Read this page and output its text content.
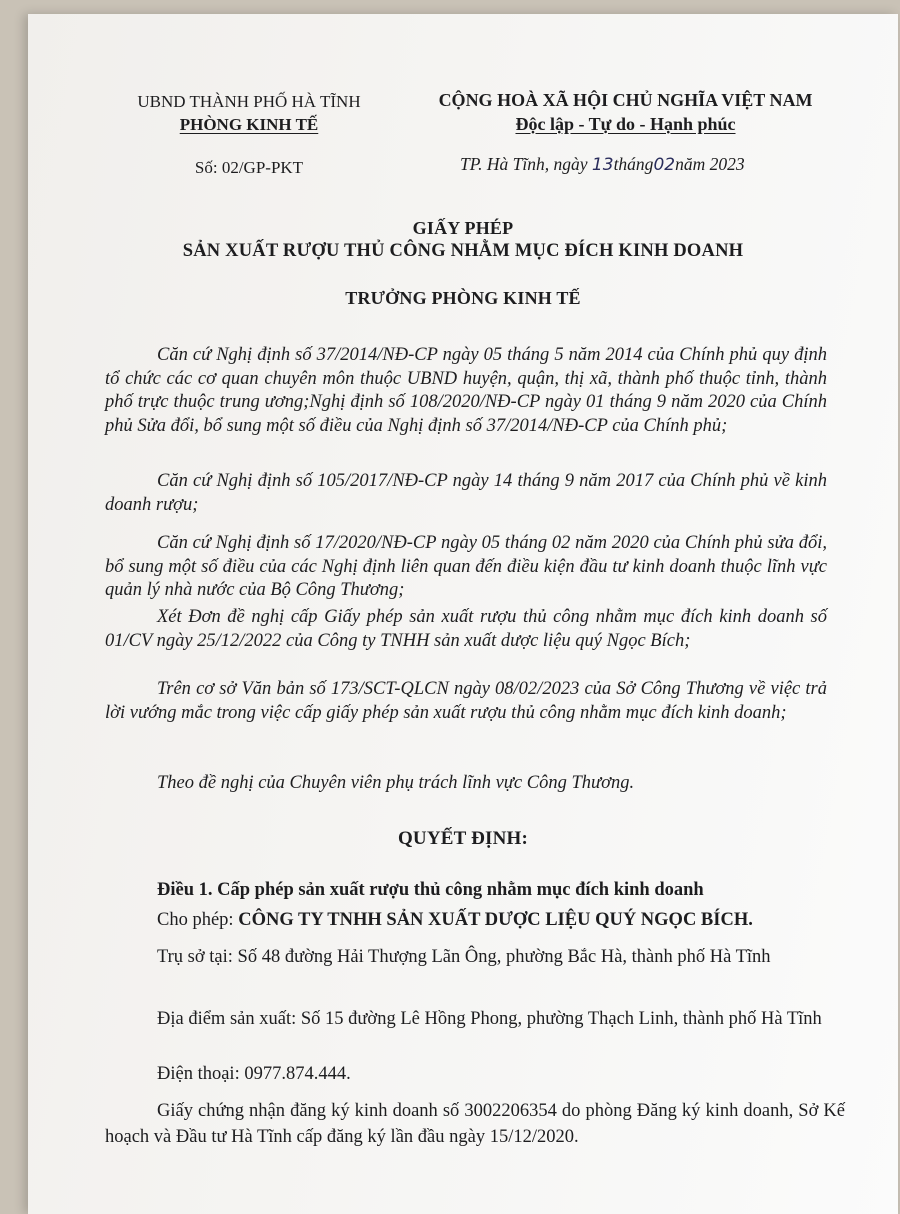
UBND THÀNH PHỐ HÀ TĨNH
PHÒNG KINH TẾ
Số: 02/GP-PKT
CỘNG HOÀ XÃ HỘI CHỦ NGHĨA VIỆT NAM
Độc lập - Tự do - Hạnh phúc
TP. Hà Tĩnh, ngày 13tháng02năm 2023
GIẤY PHÉP
SẢN XUẤT RƯỢU THỦ CÔNG NHẰM MỤC ĐÍCH KINH DOANH
TRƯỞNG PHÒNG KINH TẾ
Căn cứ Nghị định số 37/2014/NĐ-CP ngày 05 tháng 5 năm 2014 của Chính phủ quy định tổ chức các cơ quan chuyên môn thuộc UBND huyện, quận, thị xã, thành phố thuộc tỉnh, thành phố trực thuộc trung ương;Nghị định số 108/2020/NĐ-CP ngày 01 tháng 9 năm 2020 của Chính phủ Sửa đổi, bổ sung một số điều của Nghị định số 37/2014/NĐ-CP của Chính phủ;
Căn cứ Nghị định số 105/2017/NĐ-CP ngày 14 tháng 9 năm 2017 của Chính phủ về kinh doanh rượu;
Căn cứ Nghị định số 17/2020/NĐ-CP ngày 05 tháng 02 năm 2020 của Chính phủ sửa đổi, bổ sung một số điều của các Nghị định liên quan đến điều kiện đầu tư kinh doanh thuộc lĩnh vực quản lý nhà nước của Bộ Công Thương;
Xét Đơn đề nghị cấp Giấy phép sản xuất rượu thủ công nhằm mục đích kinh doanh số 01/CV ngày 25/12/2022 của Công ty TNHH sản xuất dược liệu quý Ngọc Bích;
Trên cơ sở Văn bản số 173/SCT-QLCN ngày 08/02/2023 của Sở Công Thương về việc trả lời vướng mắc trong việc cấp giấy phép sản xuất rượu thủ công nhằm mục đích kinh doanh;
Theo đề nghị của Chuyên viên phụ trách lĩnh vực Công Thương.
QUYẾT ĐỊNH:
Điều 1. Cấp phép sản xuất rượu thủ công nhằm mục đích kinh doanh
Cho phép: CÔNG TY TNHH SẢN XUẤT DƯỢC LIỆU QUÝ NGỌC BÍCH.
Trụ sở tại: Số 48 đường Hải Thượng Lãn Ông, phường Bắc Hà, thành phố Hà Tĩnh
Địa điểm sản xuất: Số 15 đường Lê Hồng Phong, phường Thạch Linh, thành phố Hà Tĩnh
Điện thoại: 0977.874.444.
Giấy chứng nhận đăng ký kinh doanh số 3002206354 do phòng Đăng ký kinh doanh, Sở Kế hoạch và Đầu tư Hà Tĩnh cấp đăng ký lần đầu ngày 15/12/2020.
